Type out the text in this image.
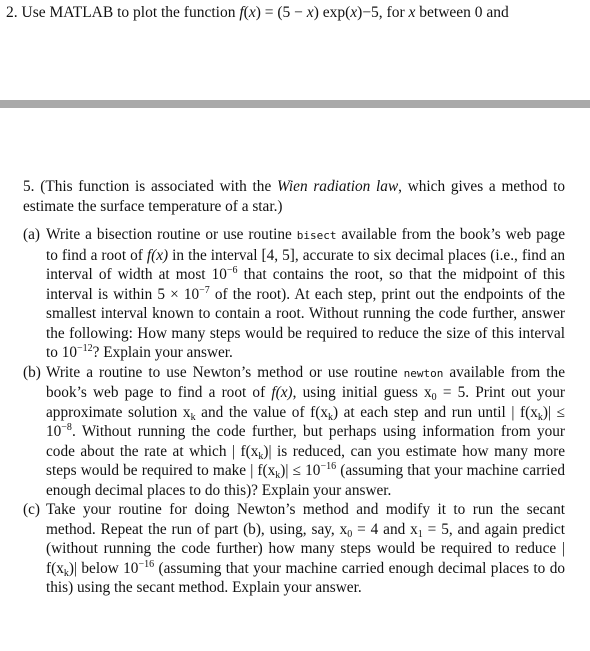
2. Use MATLAB to plot the function f(x) = (5 − x) exp(x)−5, for x between 0 and

5. (This function is associated with the Wien radiation law, which gives a method to estimate the surface temperature of a star.)

(a) Write a bisection routine or use routine bisect available from the book’s web page to find a root of f(x) in the interval [4, 5], accurate to six decimal places (i.e., find an interval of width at most $10^{-6}$ that contains the root, so that the midpoint of this interval is within $5 \times 10^{-7}$ of the root). At each step, print out the endpoints of the smallest interval known to contain a root. Without running the code further, answer the following: How many steps would be required to reduce the size of this interval to $10^{-12}$? Explain your answer.
(b) Write a routine to use Newton’s method or use routine newton available from the book’s web page to find a root of f(x), using initial guess $x_0 = 5$. Print out your approximate solution $x_k$ and the value of $f(x_k)$ at each step and run until | $f(x_k)| \le 10^{-8}$. Without running the code further, but perhaps using information from your code about the rate at which | $f(x_k)|$ is reduced, can you estimate how many more steps would be required to make | $f(x_k)| \le 10^{-16}$ (assuming that your machine carried enough decimal places to do this)? Explain your answer.
(c) Take your routine for doing Newton’s method and modify it to run the secant method. Repeat the run of part (b), using, say, $x_0 = 4$ and $x_1 = 5$, and again predict (without running the code further) how many steps would be required to reduce | $f(x_k)|$ below $10^{-16}$ (assuming that your machine carried enough decimal places to do this) using the secant method. Explain your answer.
